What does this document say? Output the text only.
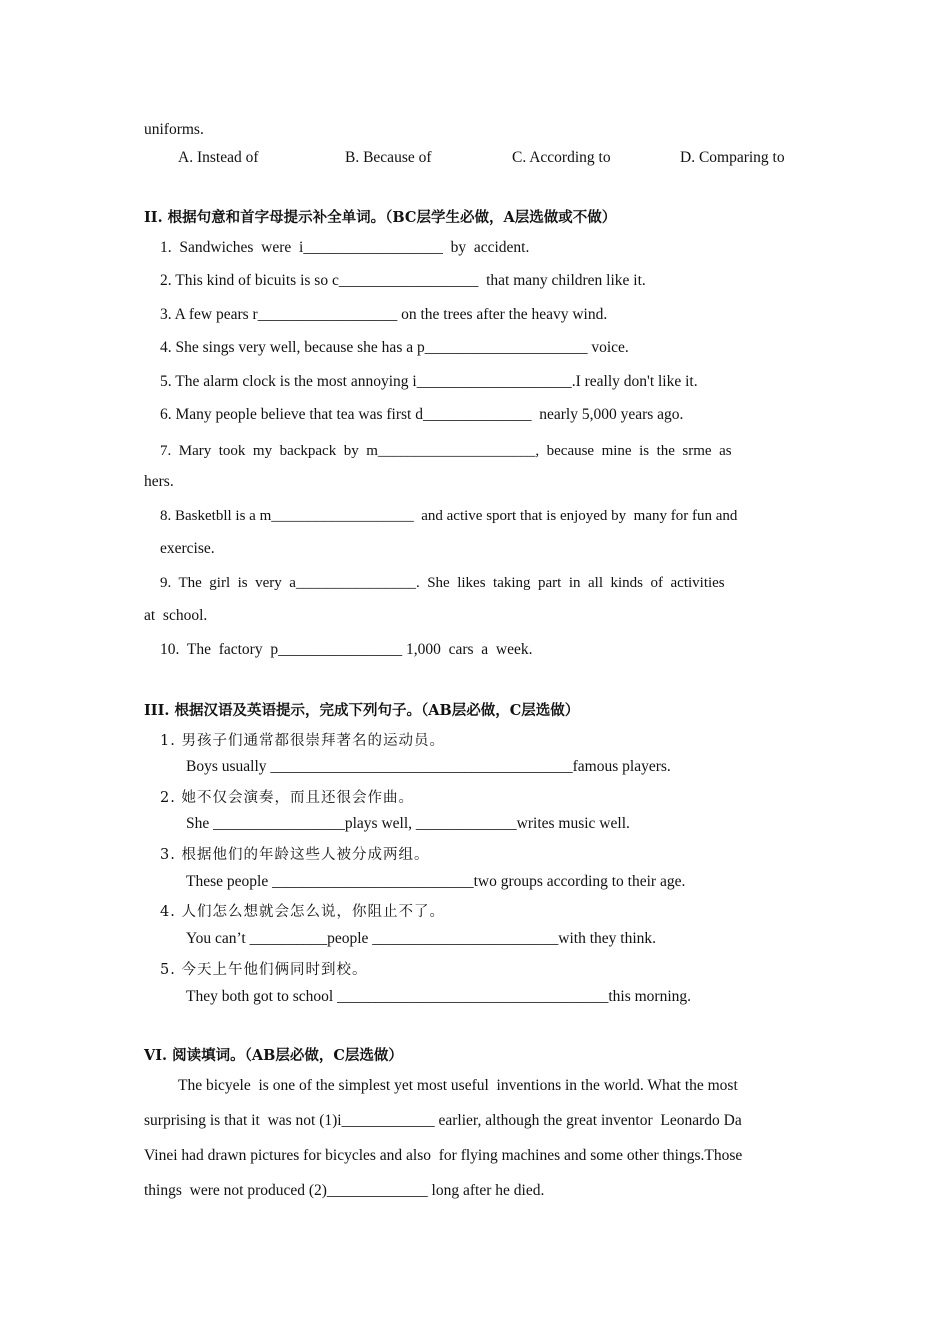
uniforms.
A. Instead of	B. Because of	C. According to	D. Comparing to
II. 根据句意和首字母提示补全单词。（BC层学生必做，A层选做或不做）
1.  Sandwiches  were  i__________________  by  accident.
2. This kind of bicuits is so c__________________  that many children like it.
3. A few pears r__________________ on the trees after the heavy wind.
4. She sings very well, because she has a p_____________________ voice.
5. The alarm clock is the most annoying i____________________.I really don't like it.
6. Many people believe that tea was first d______________  nearly 5,000 years ago.
7.  Mary  took  my  backpack  by  m_____________________,  because  mine  is  the  srme  as
hers.
8. Basketbll is a m___________________  and active sport that is enjoyed by  many for fun and
exercise.
9.  The  girl  is  very  a________________.  She  likes  taking  part  in  all  kinds  of  activities
at  school.
10.  The  factory  p________________ 1,000  cars  a  week.
III. 根据汉语及英语提示，完成下列句子。（AB层必做，C层选做）
1. 男孩子们通常都很崇拜著名的运动员。
Boys usually _______________________________________famous players.
2. 她不仅会演奏，而且还很会作曲。
She _________________plays well, _____________writes music well.
3. 根据他们的年龄这些人被分成两组。
These people __________________________two groups according to their age.
4. 人们怎么想就会怎么说，你阻止不了。
You can’t __________people ________________________with they think.
5. 今天上午他们俩同时到校。
They both got to school ___________________________________this morning.
VI. 阅读填词。（AB层必做，C层选做）
The bicyele  is one of the simplest yet most useful  inventions in the world. What the most
surprising is that it  was not (1)i____________ earlier, although the great inventor  Leonardo Da
Vinei had drawn pictures for bicycles and also  for flying machines and some other things.Those
things  were not produced (2)_____________ long after he died.
